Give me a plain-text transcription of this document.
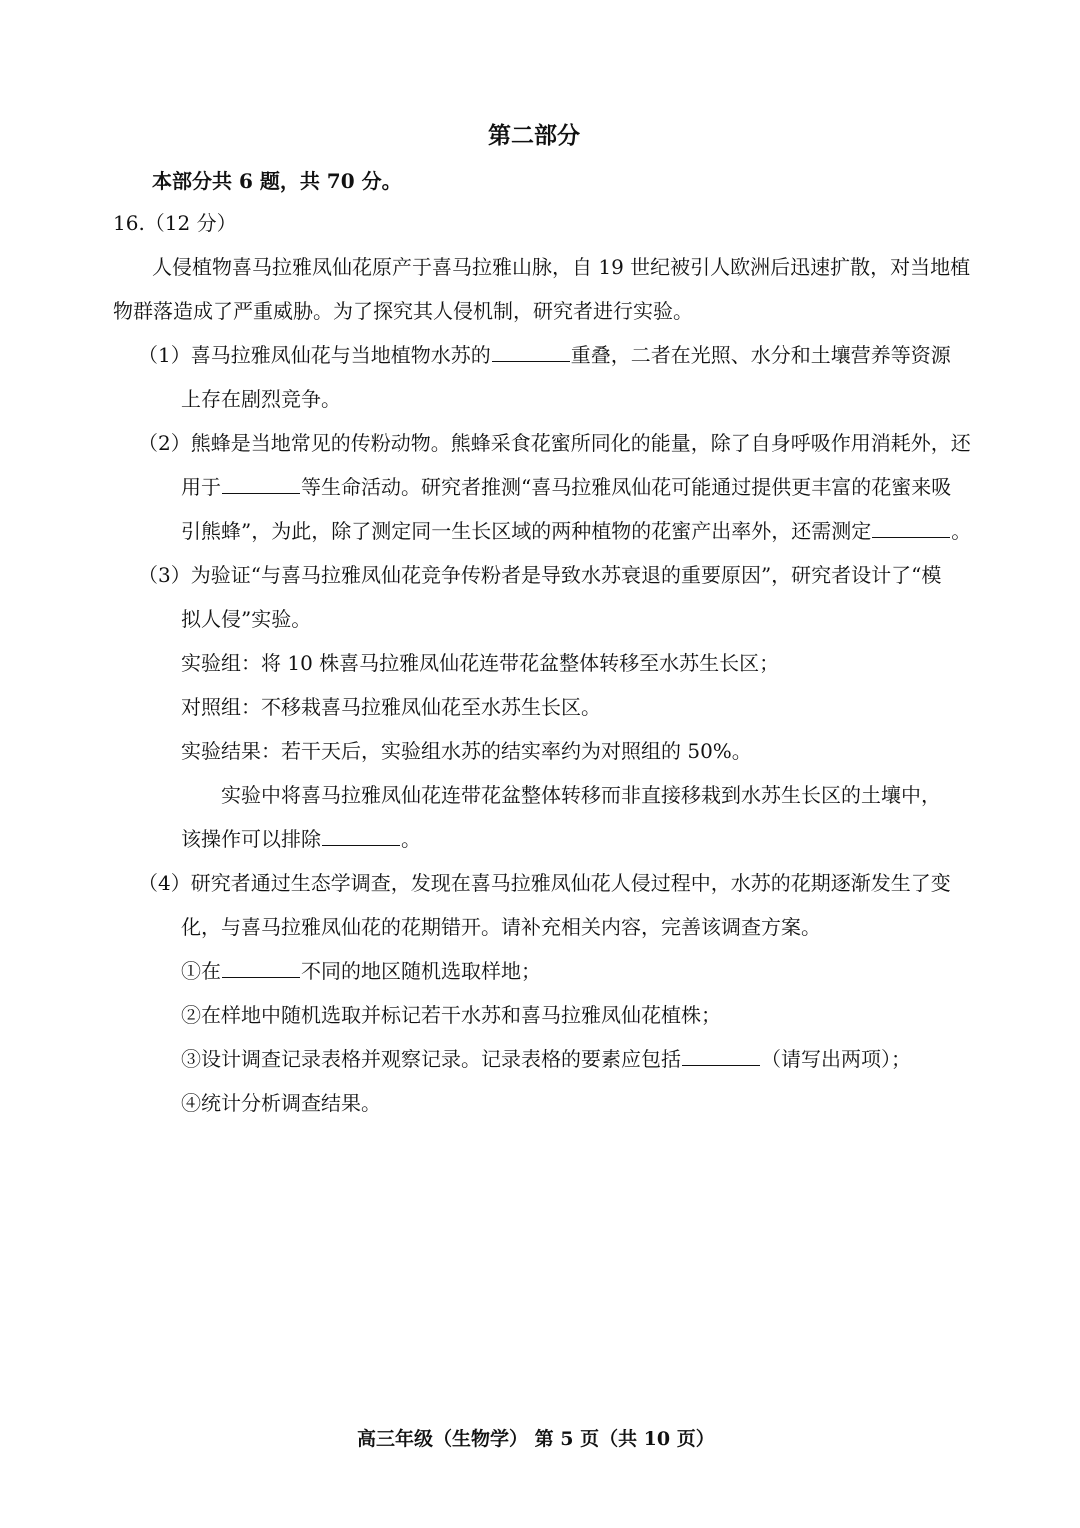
第二部分
本部分共 6 题，共 70 分。
16.（12 分）
人侵植物喜马拉雅凤仙花原产于喜马拉雅山脉，自 19 世纪被引人欧洲后迅速扩散，对当地植
物群落造成了严重威胁。为了探究其人侵机制，研究者进行实验。
（1）喜马拉雅凤仙花与当地植物水苏的	重叠，二者在光照、水分和土壤营养等资源
上存在剧烈竞争。
（2）熊蜂是当地常见的传粉动物。熊蜂采食花蜜所同化的能量，除了自身呼吸作用消耗外，还
用于	等生命活动。研究者推测“喜马拉雅凤仙花可能通过提供更丰富的花蜜来吸
引熊蜂”，为此，除了测定同一生长区域的两种植物的花蜜产出率外，还需测定	。
（3）为验证“与喜马拉雅凤仙花竞争传粉者是导致水苏衰退的重要原因”，研究者设计了“模
拟人侵”实验。
实验组：将 10 株喜马拉雅凤仙花连带花盆整体转移至水苏生长区；
对照组：不移栽喜马拉雅凤仙花至水苏生长区。
实验结果：若干天后，实验组水苏的结实率约为对照组的 50%。
实验中将喜马拉雅凤仙花连带花盆整体转移而非直接移栽到水苏生长区的土壤中，
该操作可以排除	。
（4）研究者通过生态学调查，发现在喜马拉雅凤仙花人侵过程中，水苏的花期逐渐发生了变
化，与喜马拉雅凤仙花的花期错开。请补充相关内容，完善该调查方案。
①在	不同的地区随机选取样地；
②在样地中随机选取并标记若干水苏和喜马拉雅凤仙花植株；
③设计调查记录表格并观察记录。记录表格的要素应包括	（请写出两项）；
④统计分析调查结果。
高三年级（生物学） 第 5 页（共 10 页）
